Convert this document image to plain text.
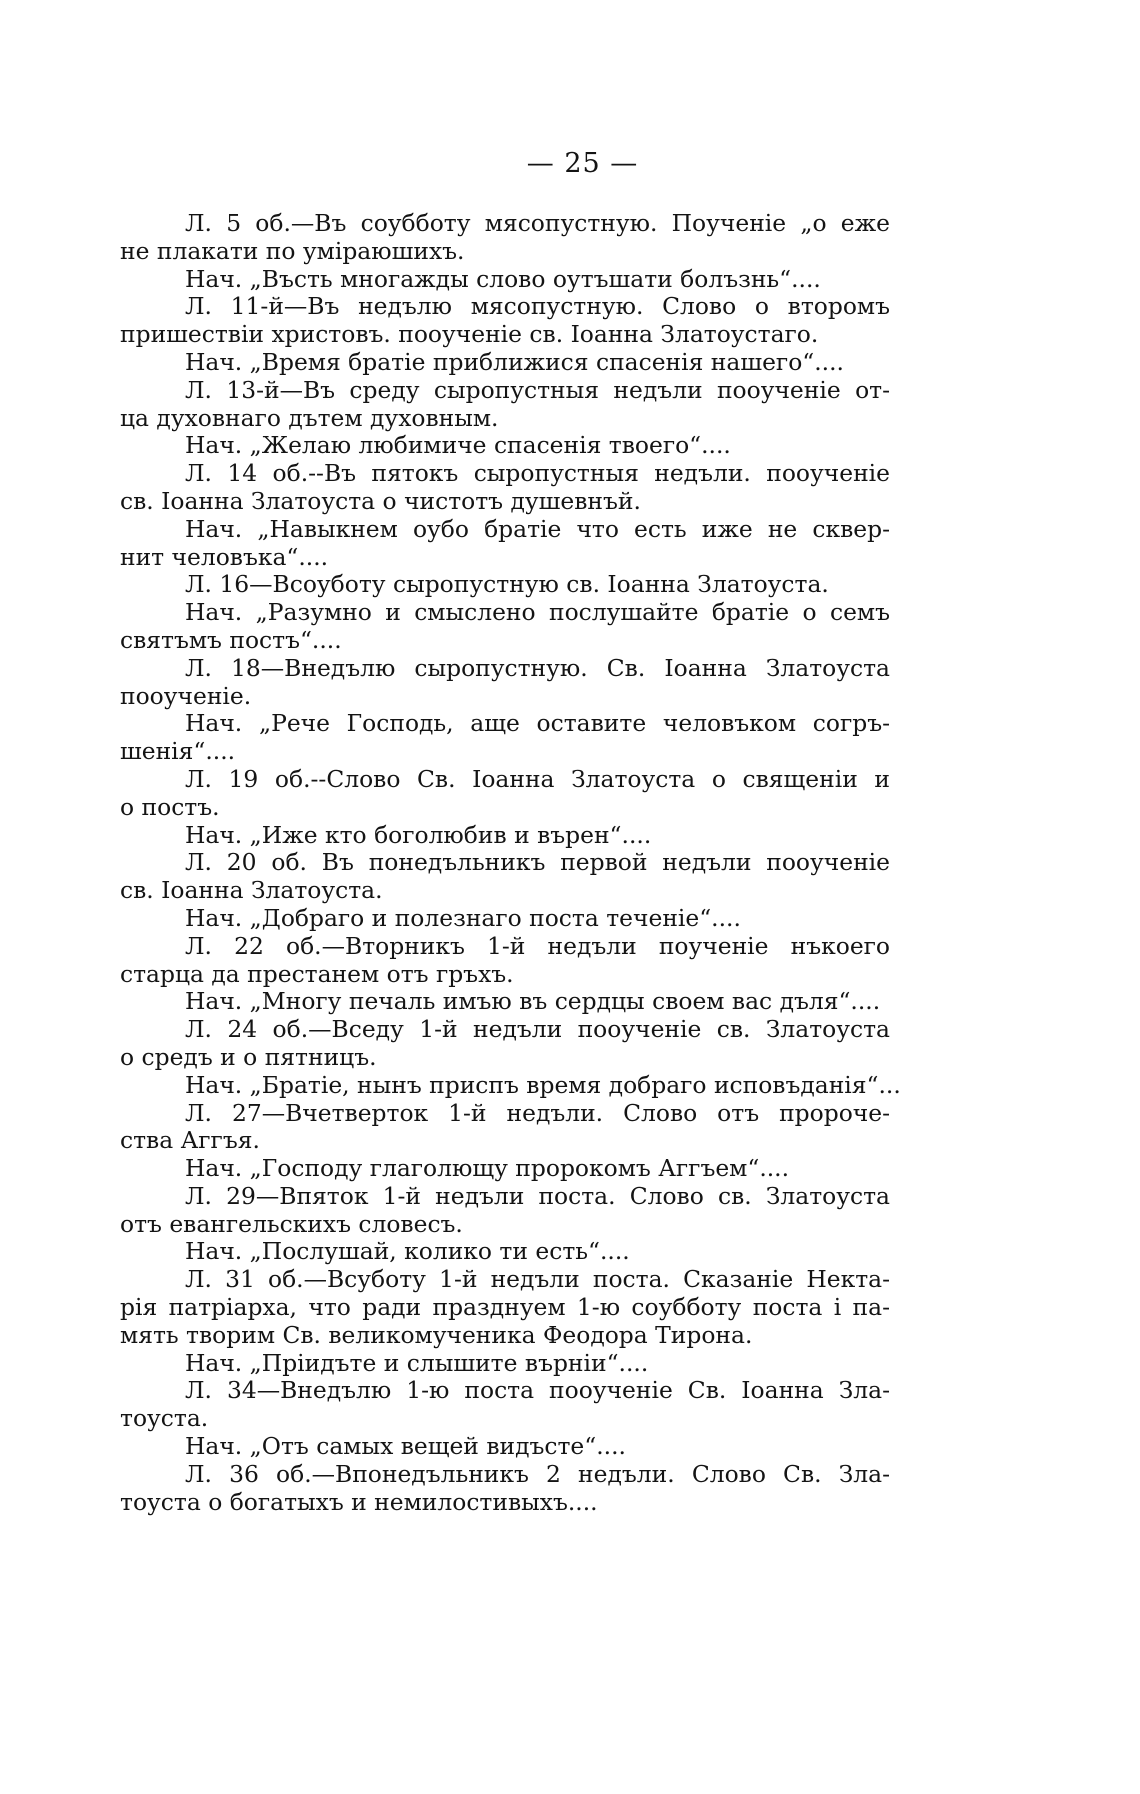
— 25 —
Л. 5 об.—Въ соубботу мясопустную. Поученіе „о еже
не плакати по уміраюшихъ.
Нач. „Въсть многажды слово оутъшати болъзнь“....
Л. 11-й—Въ недълю мясопустную. Слово о второмъ
пришествіи христовъ. пооученіе св. Іоанна Златоустаго.
Нач. „Время братіе приближися спасенія нашего“....
Л. 13-й—Въ среду сыропустныя недъли пооученіе от-
ца духовнаго дътем духовным.
Нач. „Желаю любимиче спасенія твоего“....
Л. 14 об.--Въ пятокъ сыропустныя недъли. пооученіе
св. Іоанна Златоуста о чистотъ душевнъй.
Нач. „Навыкнем оубо братіе что есть иже не сквер-
нит человъка“....
Л. 16—Всоуботу сыропустную св. Іоанна Златоуста.
Нач. „Разумно и смыслено послушайте братіе о семъ
святъмъ постъ“....
Л. 18—Внедълю сыропустную. Св. Іоанна Златоуста
пооученіе.
Нач. „Рече Господь, аще оставите человъком согръ-
шенія“....
Л. 19 об.--Слово Св. Іоанна Златоуста о священіи и
о постъ.
Нач. „Иже кто боголюбив и върен“....
Л. 20 об. Въ понедъльникъ первой недъли пооученіе
св. Іоанна Златоуста.
Нач. „Добраго и полезнаго поста теченіе“....
Л. 22 об.—Вторникъ 1-й недъли поученіе нъкоего
старца да престанем отъ гръхъ.
Нач. „Многу печаль имъю въ сердцы своем вас дъля“....
Л. 24 об.—Вседу 1-й недъли пооученіе св. Златоуста
о средъ и о пятницъ.
Нач. „Братіе, нынъ приспъ время добраго исповъданія“...
Л. 27—Вчетверток 1-й недъли. Слово отъ пророче-
ства Аггъя.
Нач. „Господу глаголющу пророкомъ Аггъем“....
Л. 29—Впяток 1-й недъли поста. Слово св. Златоуста
отъ евангельскихъ словесъ.
Нач. „Послушай, колико ти есть“....
Л. 31 об.—Всуботу 1-й недъли поста. Сказаніе Некта-
рія патріарха, что ради празднуем 1-ю соубботу поста і па-
мять творим Св. великомученика Феодора Тирона.
Нач. „Пріидъте и слышите върніи“....
Л. 34—Внедълю 1-ю поста пооученіе Св. Іоанна Зла-
тоуста.
Нач. „Отъ самых вещей видъсте“....
Л. 36 об.—Впонедъльникъ 2 недъли. Слово Св. Зла-
тоуста о богатыхъ и немилостивыхъ....
